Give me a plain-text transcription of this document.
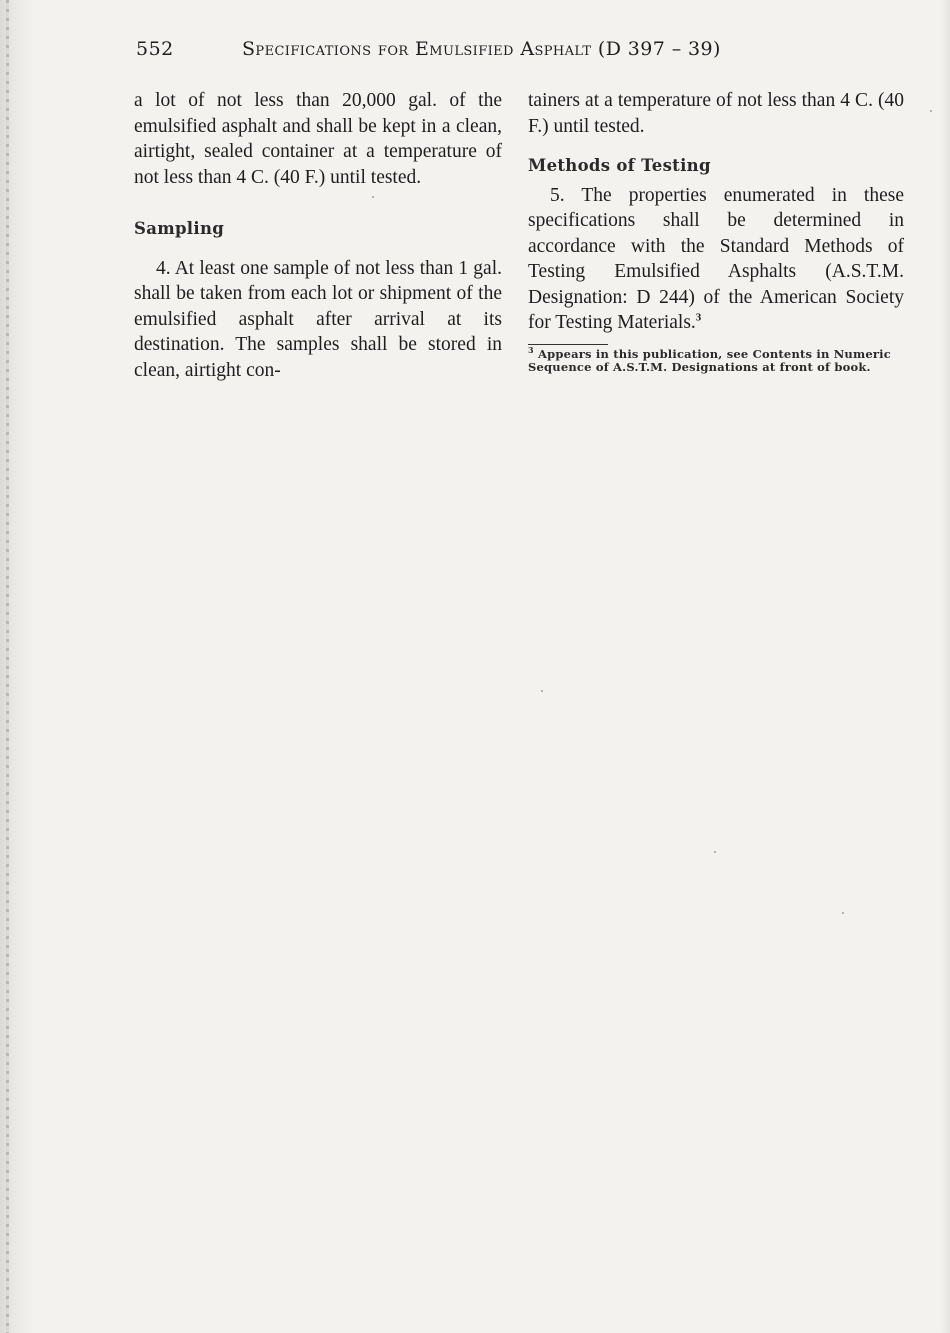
552	Specifications for Emulsified Asphalt (D 397 – 39)

a lot of not less than 20,000 gal. of the emulsified asphalt and shall be kept in a clean, airtight, sealed container at a temperature of not less than 4 C. (40 F.) until tested.

Sampling

4. At least one sample of not less than 1 gal. shall be taken from each lot or shipment of the emulsified asphalt after arrival at its destination. The samples shall be stored in clean, airtight con-

tainers at a temperature of not less than 4 C. (40 F.) until tested.

Methods of Testing

5. The properties enumerated in these specifications shall be determined in accordance with the Standard Methods of Testing Emulsified Asphalts (A.S.T.M. Designation: D 244) of the American Society for Testing Materials.$^3$

$^3$ Appears in this publication, see Contents in Numeric Sequence of A.S.T.M. Designations at front of book.
